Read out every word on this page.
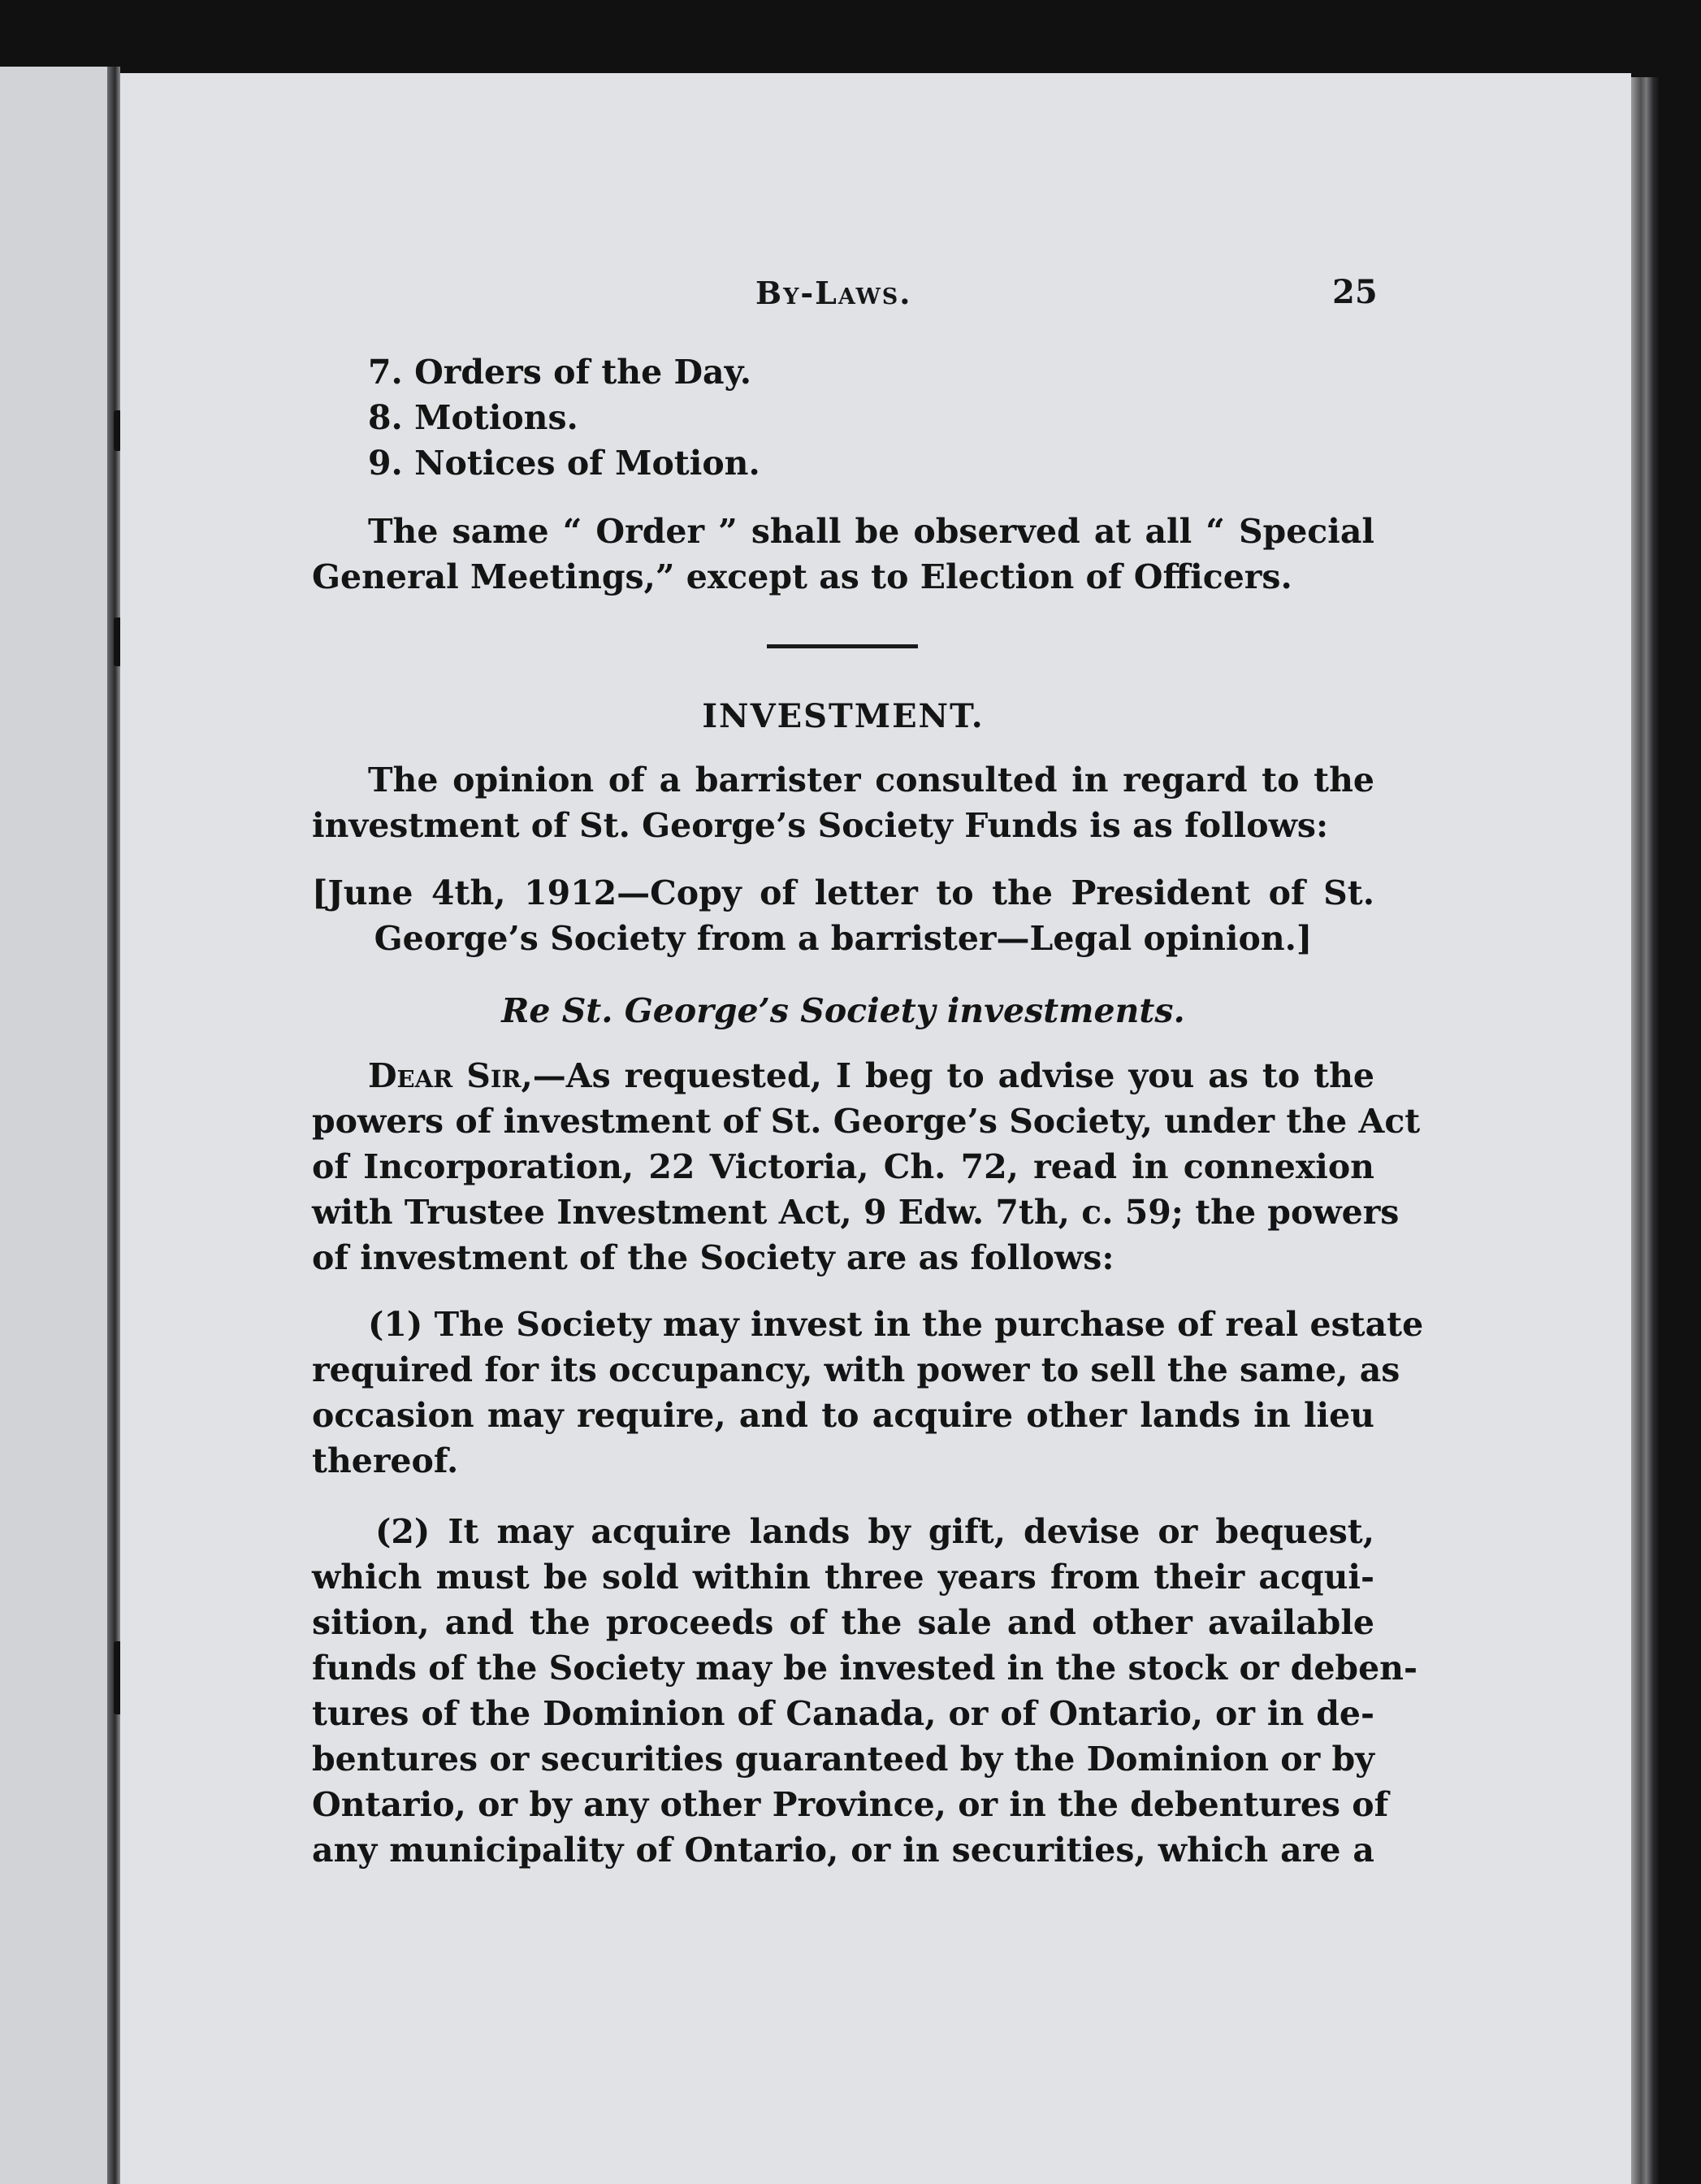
By-Laws.	25
7. Orders of the Day.
8. Motions.
9. Notices of Motion.
The same “ Order ” shall be observed at all “ Special
General Meetings,” except as to Election of Officers.
INVESTMENT.
The opinion of a barrister consulted in regard to the
investment of St. George’s Society Funds is as follows:
[June 4th, 1912—Copy of letter to the President of St.
George’s Society from a barrister—Legal opinion.]
Re St. George’s Society investments.
Dear Sir,—As requested, I beg to advise you as to the
powers of investment of St. George’s Society, under the Act
of Incorporation, 22 Victoria, Ch. 72, read in connexion
with Trustee Investment Act, 9 Edw. 7th, c. 59; the powers
of investment of the Society are as follows:
(1) The Society may invest in the purchase of real estate
required for its occupancy, with power to sell the same, as
occasion may require, and to acquire other lands in lieu
thereof.
(2) It may acquire lands by gift, devise or bequest,
which must be sold within three years from their acqui-
sition, and the proceeds of the sale and other available
funds of the Society may be invested in the stock or deben-
tures of the Dominion of Canada, or of Ontario, or in de-
bentures or securities guaranteed by the Dominion or by
Ontario, or by any other Province, or in the debentures of
any municipality of Ontario, or in securities, which are a
